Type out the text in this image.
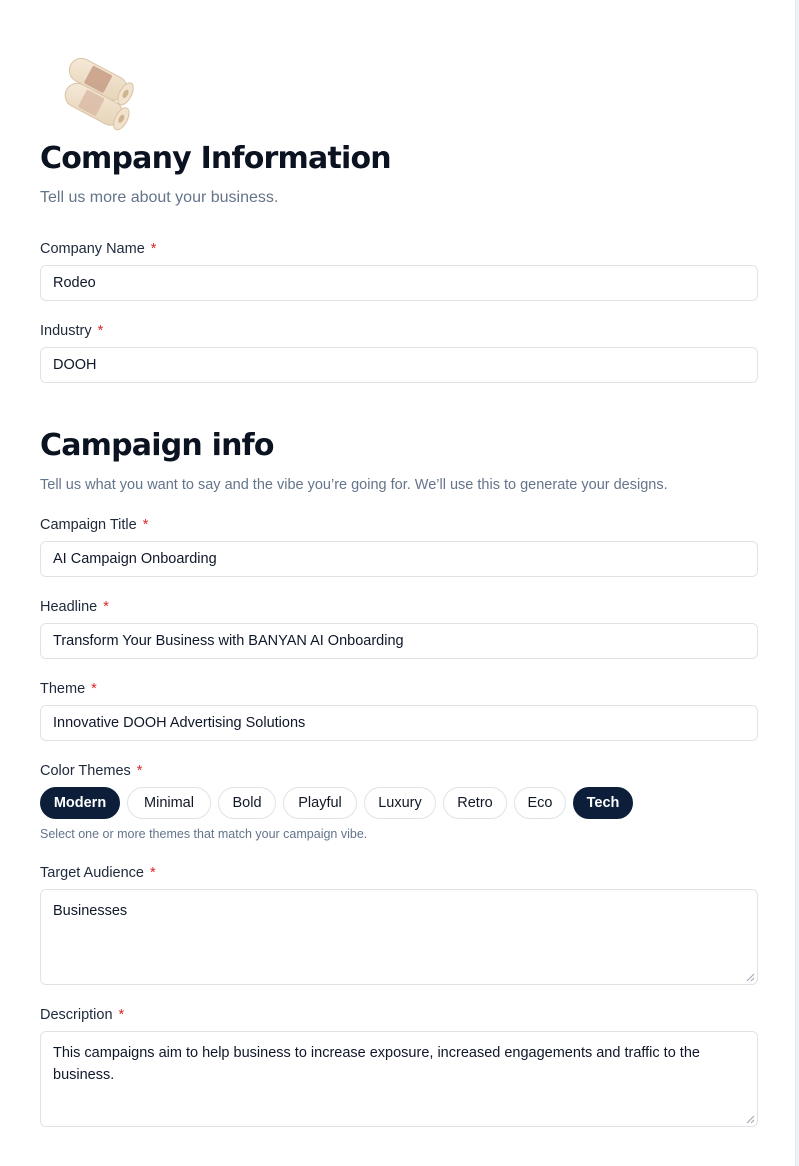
Company Information
Tell us more about your business.
Company Name *
Rodeo
Industry *
DOOH
Campaign info
Tell us what you want to say and the vibe you’re going for. We’ll use this to generate your designs.
Campaign Title *
AI Campaign Onboarding
Headline *
Transform Your Business with BANYAN AI Onboarding
Theme *
Innovative DOOH Advertising Solutions
Color Themes *
Modern	Minimal	Bold	Playful	Luxury	Retro	Eco	Tech
Select one or more themes that match your campaign vibe.
Target Audience *
Businesses
Description *
This campaigns aim to help business to increase exposure, increased engagements and traffic to the business.
